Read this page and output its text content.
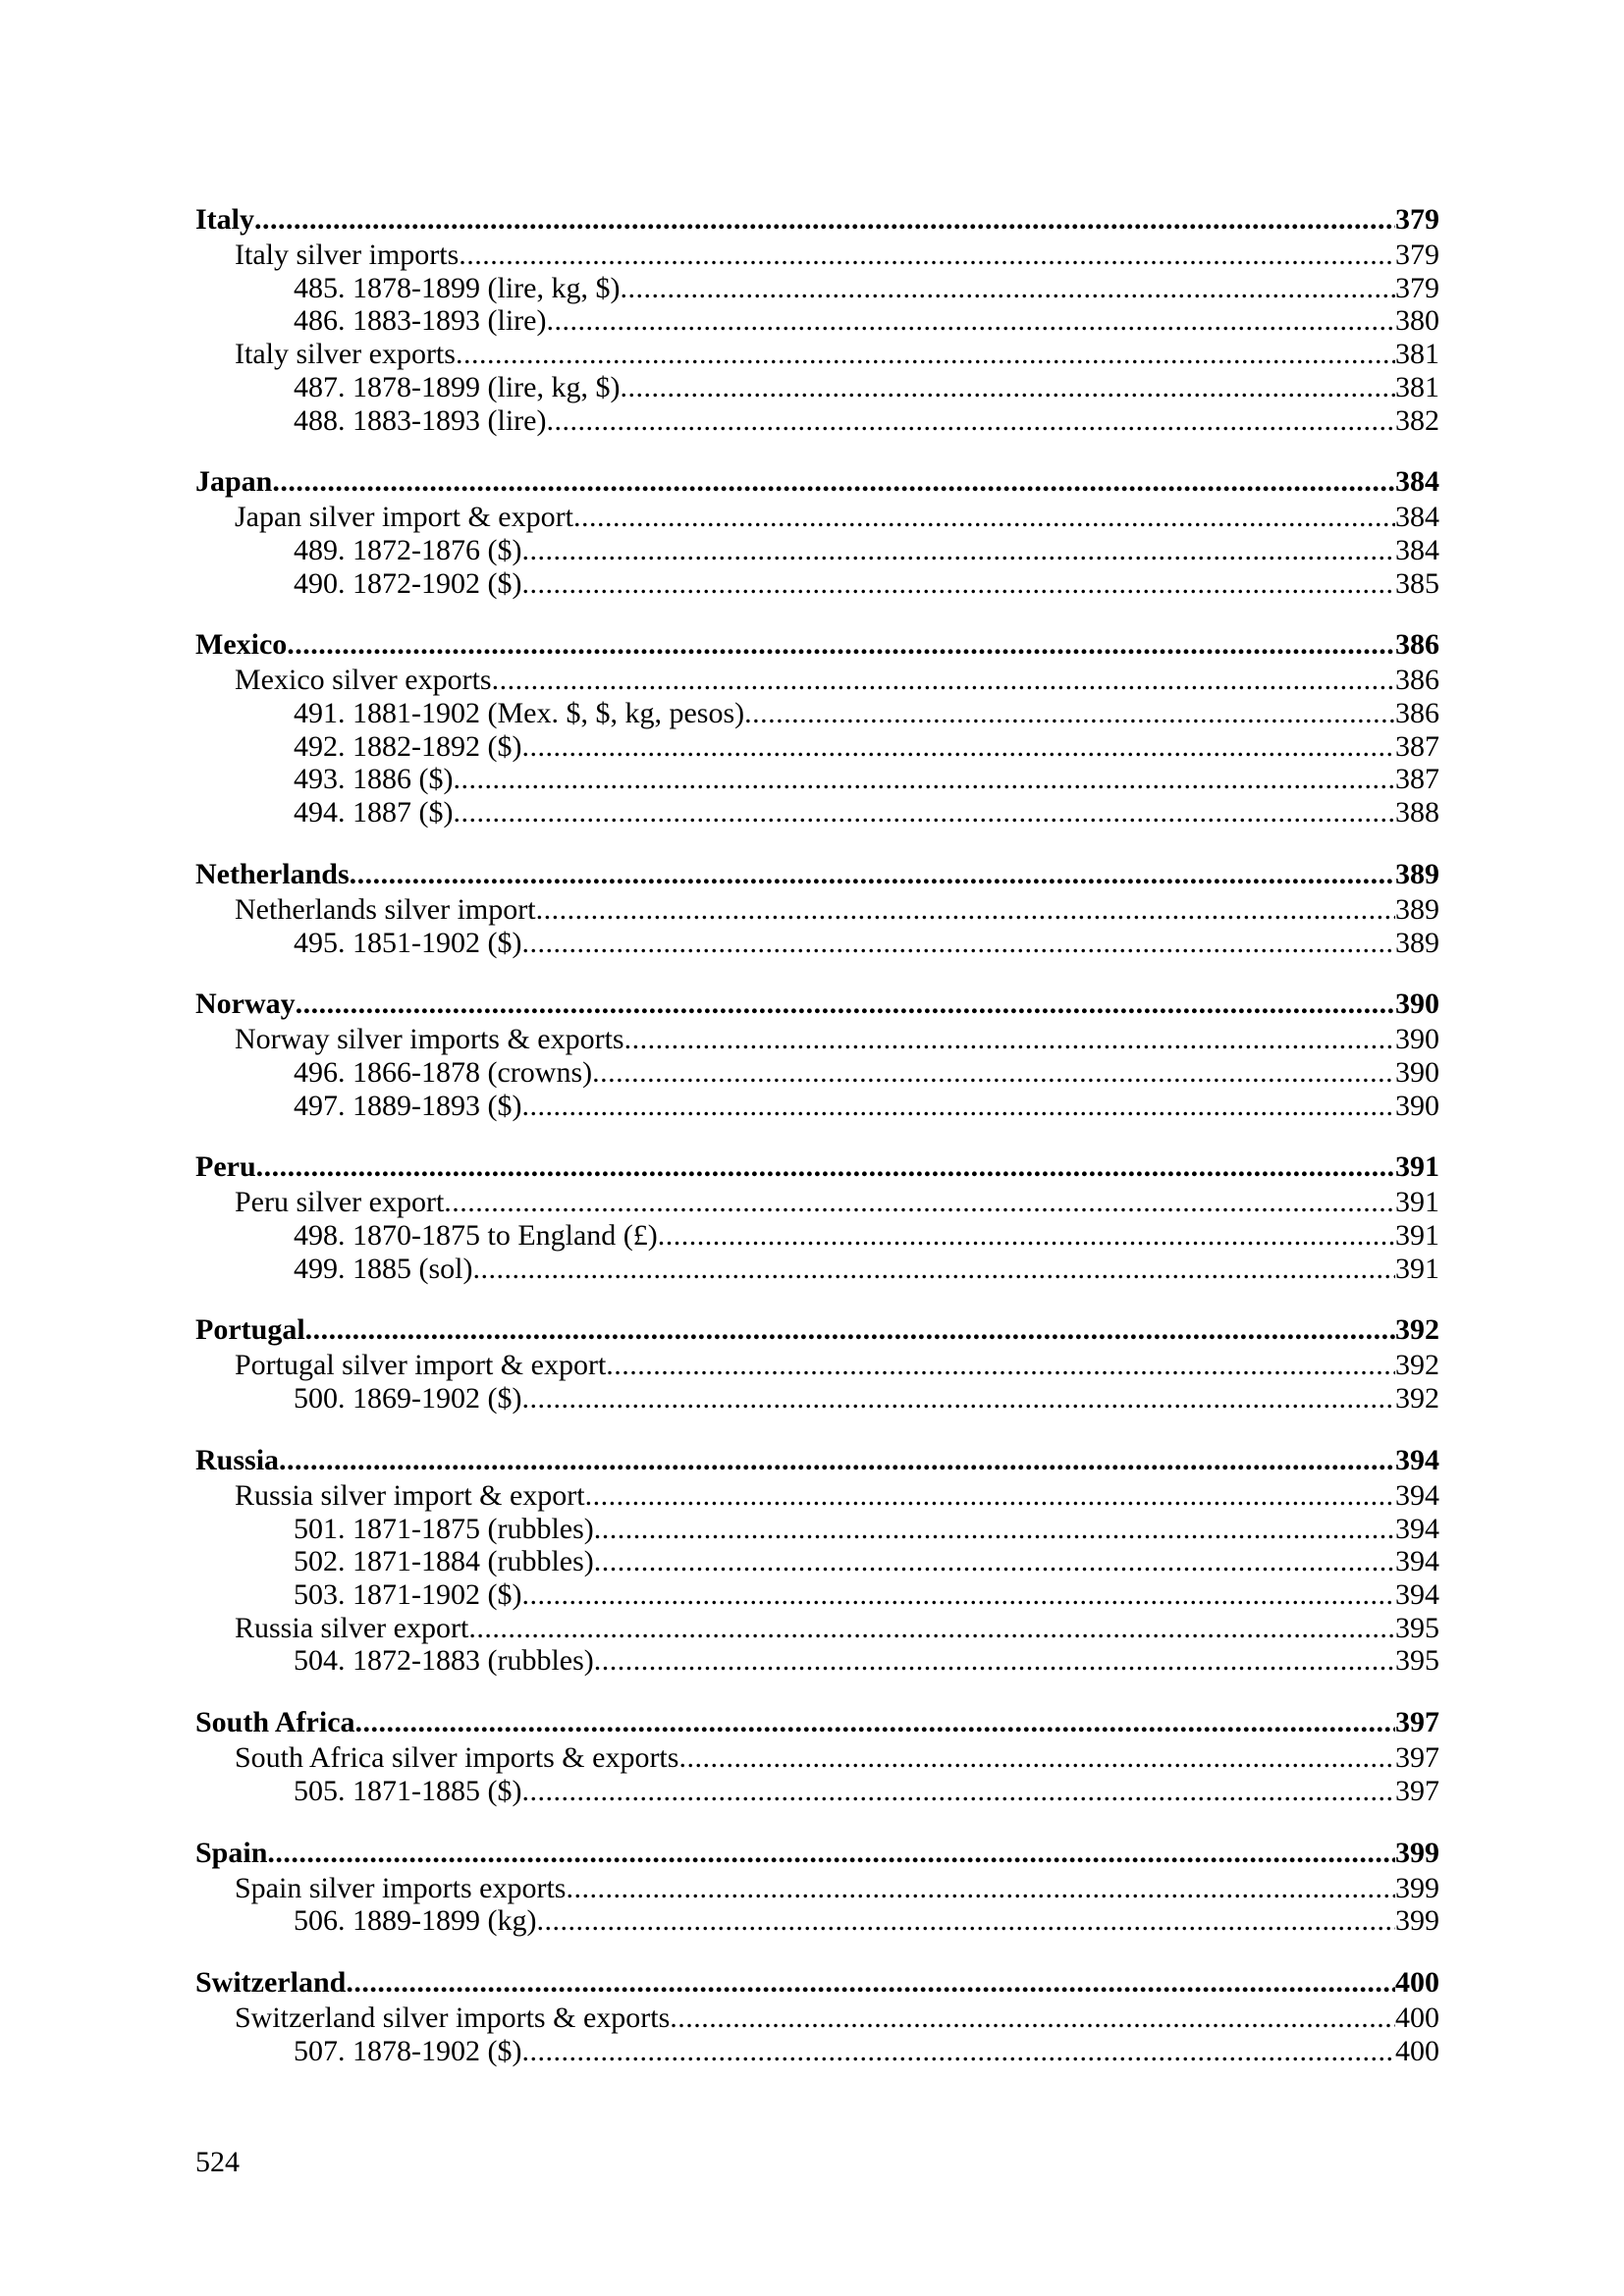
Italy .....	379
Italy silver imports .....	379
485. 1878-1899 (lire, kg, $) .....	379
486. 1883-1893 (lire) .....	380
Italy silver exports .....	381
487. 1878-1899 (lire, kg, $) .....	381
488. 1883-1893 (lire) .....	382
Japan .....	384
Japan silver import & export .....	384
489. 1872-1876 ($) .....	384
490. 1872-1902 ($) .....	385
Mexico .....	386
Mexico silver exports .....	386
491. 1881-1902 (Mex. $, $, kg, pesos) .....	386
492. 1882-1892 ($) .....	387
493. 1886 ($) .....	387
494. 1887 ($) .....	388
Netherlands .....	389
Netherlands silver import .....	389
495. 1851-1902 ($) .....	389
Norway .....	390
Norway silver imports & exports .....	390
496. 1866-1878 (crowns) .....	390
497. 1889-1893 ($) .....	390
Peru .....	391
Peru silver export .....	391
498. 1870-1875 to England (£) .....	391
499. 1885 (sol) .....	391
Portugal .....	392
Portugal silver import & export .....	392
500. 1869-1902 ($) .....	392
Russia .....	394
Russia silver import & export .....	394
501. 1871-1875 (rubbles) .....	394
502. 1871-1884 (rubbles) .....	394
503. 1871-1902 ($) .....	394
Russia silver export .....	395
504. 1872-1883 (rubbles) .....	395
South Africa .....	397
South Africa silver imports & exports .....	397
505. 1871-1885 ($) .....	397
Spain .....	399
Spain silver imports exports .....	399
506. 1889-1899 (kg) .....	399
Switzerland .....	400
Switzerland silver imports & exports .....	400
507. 1878-1902 ($) .....	400
524
